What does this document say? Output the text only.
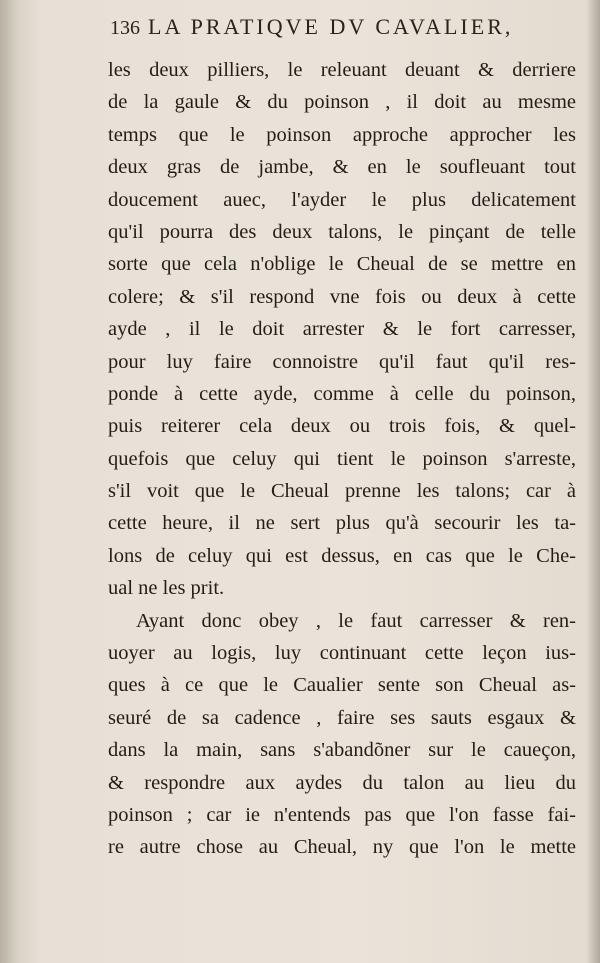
136 LA PRATIQVE DV CAVALIER,
les deux pilliers, le releuant deuant & derriere
de la gaule & du poinson , il doit au mesme
temps que le poinson approche approcher les
deux gras de jambe, & en le soufleuant tout
doucement auec, l'ayder le plus delicatement
qu'il pourra des deux talons, le pinçant de telle
sorte que cela n'oblige le Cheual de se mettre en
colere; & s'il respond vne fois ou deux à cette
ayde , il le doit arrester & le fort carresser,
pour luy faire connoistre qu'il faut qu'il res-
ponde à cette ayde, comme à celle du poinson,
puis reiterer cela deux ou trois fois, & quel-
quefois que celuy qui tient le poinson s'arreste,
s'il voit que le Cheual prenne les talons; car à
cette heure, il ne sert plus qu'à secourir les ta-
lons de celuy qui est dessus, en cas que le Che-
ual ne les prit.
Ayant donc obey , le faut carresser & ren-
uoyer au logis, luy continuant cette leçon ius-
ques à ce que le Caualier sente son Cheual as-
seuré de sa cadence , faire ses sauts esgaux &
dans la main, sans s'abandõner sur le caueçon,
& respondre aux aydes du talon au lieu du
poinson ; car ie n'entends pas que l'on fasse fai-
re autre chose au Cheual, ny que l'on le mette
